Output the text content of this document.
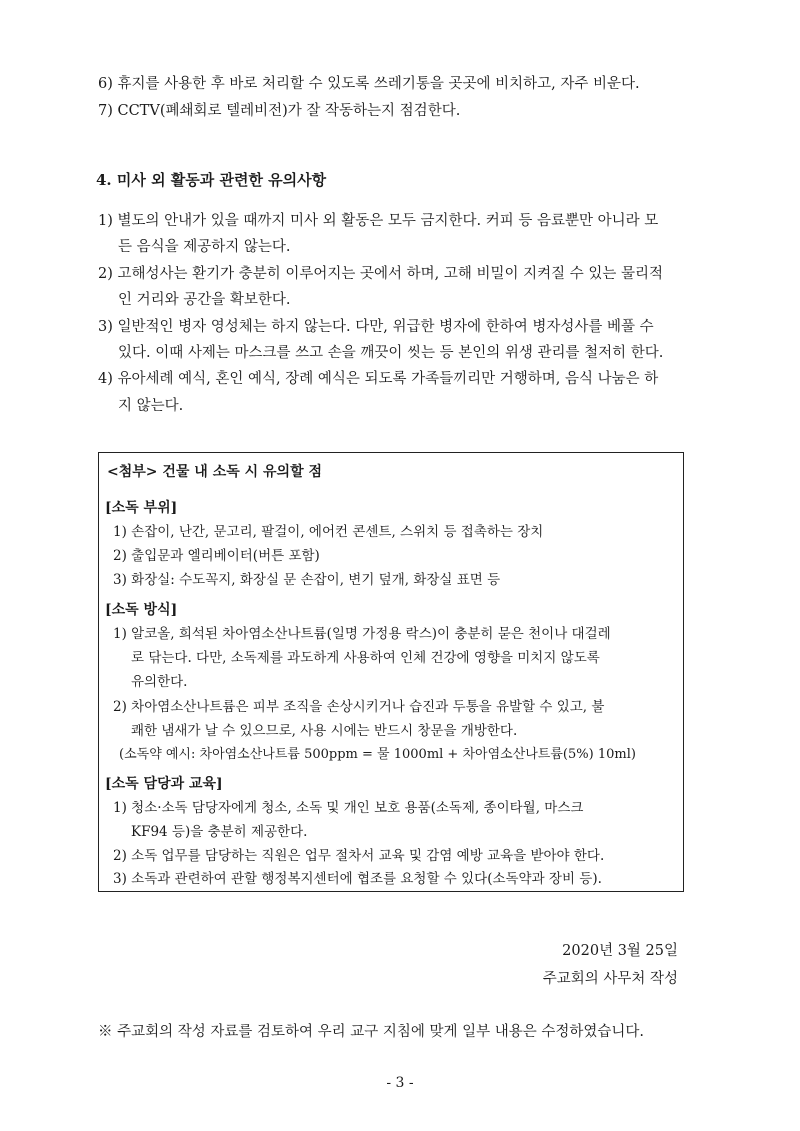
6) 휴지를 사용한 후 바로 처리할 수 있도록 쓰레기통을 곳곳에 비치하고, 자주 비운다.
7) CCTV(폐쇄회로 텔레비전)가 잘 작동하는지 점검한다.
4. 미사 외 활동과 관련한 유의사항
1) 별도의 안내가 있을 때까지 미사 외 활동은 모두 금지한다. 커피 등 음료뿐만 아니라 모
든 음식을 제공하지 않는다.
2) 고해성사는 환기가 충분히 이루어지는 곳에서 하며, 고해 비밀이 지켜질 수 있는 물리적
인 거리와 공간을 확보한다.
3) 일반적인 병자 영성체는 하지 않는다. 다만, 위급한 병자에 한하여 병자성사를 베풀 수
있다. 이때 사제는 마스크를 쓰고 손을 깨끗이 씻는 등 본인의 위생 관리를 철저히 한다.
4) 유아세례 예식, 혼인 예식, 장례 예식은 되도록 가족들끼리만 거행하며, 음식 나눔은 하
지 않는다.
<첨부> 건물 내 소독 시 유의할 점
[소독 부위]
1) 손잡이, 난간, 문고리, 팔걸이, 에어컨 콘센트, 스위치 등 접촉하는 장치
2) 출입문과 엘리베이터(버튼 포함)
3) 화장실: 수도꼭지, 화장실 문 손잡이, 변기 덮개, 화장실 표면 등
[소독 방식]
1) 알코올, 희석된 차아염소산나트륨(일명 가정용 락스)이 충분히 묻은 천이나 대걸레
로 닦는다. 다만, 소독제를 과도하게 사용하여 인체 건강에 영향을 미치지 않도록
유의한다.
2) 차아염소산나트륨은 피부 조직을 손상시키거나 습진과 두통을 유발할 수 있고, 불
쾌한 냄새가 날 수 있으므로, 사용 시에는 반드시 창문을 개방한다.
(소독약 예시: 차아염소산나트륨 500ppm = 물 1000ml + 차아염소산나트륨(5%) 10ml)
[소독 담당과 교육]
1) 청소·소독 담당자에게 청소, 소독 및 개인 보호 용품(소독제, 종이타월, 마스크
KF94 등)을 충분히 제공한다.
2) 소독 업무를 담당하는 직원은 업무 절차서 교육 및 감염 예방 교육을 받아야 한다.
3) 소독과 관련하여 관할 행정복지센터에 협조를 요청할 수 있다(소독약과 장비 등).
2020년 3월 25일
주교회의 사무처 작성
※ 주교회의 작성 자료를 검토하여 우리 교구 지침에 맞게 일부 내용은 수정하였습니다.
- 3 -
